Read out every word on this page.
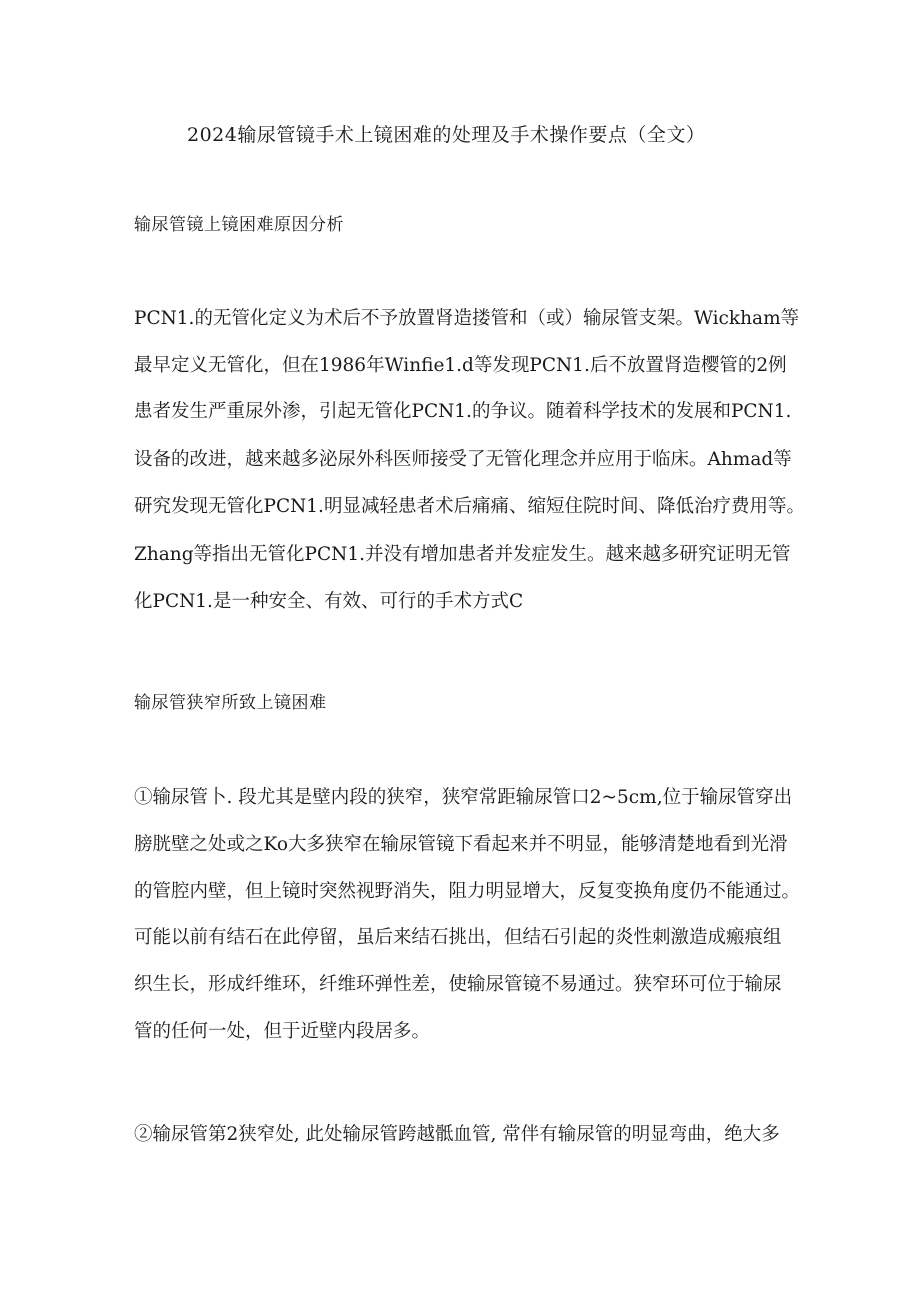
2024输尿管镜手术上镜困难的处理及手术操作要点（全文）
输尿管镜上镜困难原因分析
PCN1.的无管化定义为术后不予放置肾造搂管和（或）输尿管支架。Wickham等
最早定义无管化，但在1986年Winfie1.d等发现PCN1.后不放置肾造樱管的2例
患者发生严重尿外渗，引起无管化PCN1.的争议。随着科学技术的发展和PCN1.
设备的改进，越来越多泌尿外科医师接受了无管化理念并应用于临床。Ahmad等
研究发现无管化PCN1.明显减轻患者术后痛痛、缩短住院时间、降低治疗费用等。
Zhang等指出无管化PCN1.并没有增加患者并发症发生。越来越多研究证明无管
化PCN1.是一种安全、有效、可行的手术方式C
输尿管狭窄所致上镜困难
①输尿管卜. 段尤其是壁内段的狭窄，狭窄常距输尿管口2~5cm,位于输尿管穿出
膀胱壁之处或之Ko大多狭窄在输尿管镜下看起来并不明显，能够清楚地看到光滑
的管腔内壁，但上镜时突然视野消失，阻力明显增大，反复变换角度仍不能通过。
可能以前有结石在此停留，虽后来结石挑出，但结石引起的炎性刺激造成瘢痕组
织生长，形成纤维环，纤维环弹性差，使输尿管镜不易通过。狭窄环可位于输尿
管的任何一处，但于近壁内段居多。
②输尿管第2狭窄处, 此处输尿管跨越骶血管, 常伴有输尿管的明显弯曲，绝大多
